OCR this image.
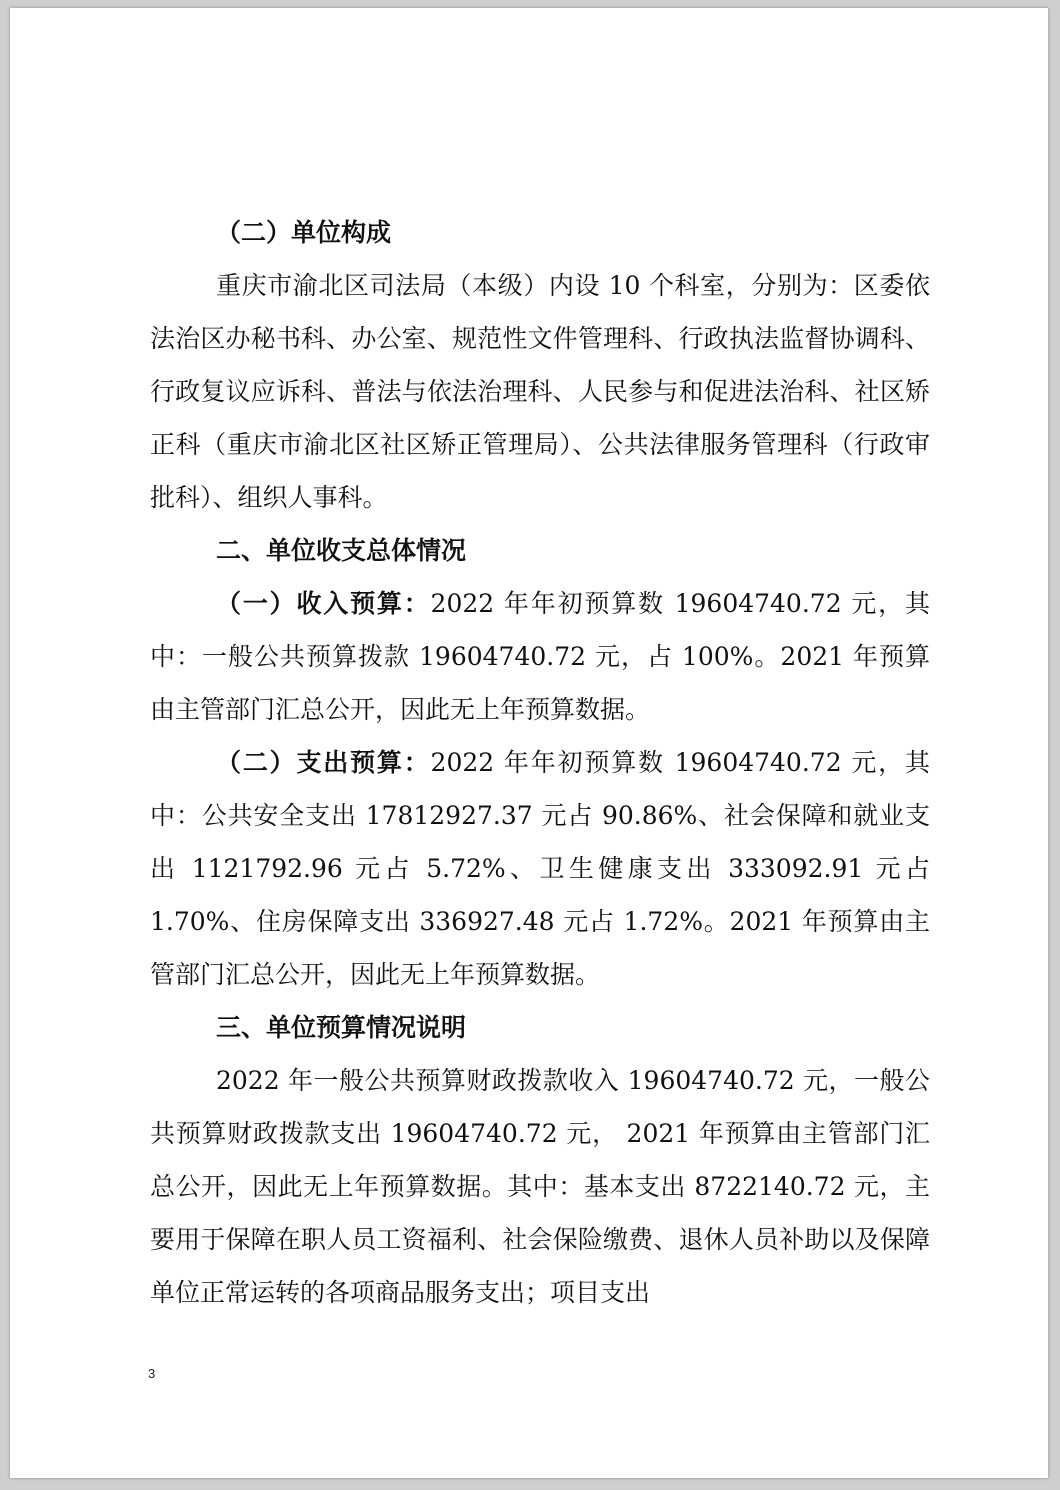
（二）单位构成

重庆市渝北区司法局（本级）内设 10 个科室，分别为：区委依法治区办秘书科、办公室、规范性文件管理科、行政执法监督协调科、行政复议应诉科、普法与依法治理科、人民参与和促进法治科、社区矫正科（重庆市渝北区社区矫正管理局）、公共法律服务管理科（行政审批科）、组织人事科。

二、单位收支总体情况

（一）收入预算：2022 年年初预算数 19604740.72 元，其中：一般公共预算拨款 19604740.72 元，占 100%。2021 年预算由主管部门汇总公开，因此无上年预算数据。

（二）支出预算：2022 年年初预算数 19604740.72 元，其中：公共安全支出 17812927.37 元占 90.86%、社会保障和就业支出 1121792.96 元占 5.72%、卫生健康支出 333092.91 元占 1.70%、住房保障支出 336927.48 元占 1.72%。2021 年预算由主管部门汇总公开，因此无上年预算数据。

三、单位预算情况说明

2022 年一般公共预算财政拨款收入 19604740.72 元，一般公共预算财政拨款支出 19604740.72 元， 2021 年预算由主管部门汇总公开，因此无上年预算数据。其中：基本支出 8722140.72 元，主要用于保障在职人员工资福利、社会保险缴费、退休人员补助以及保障单位正常运转的各项商品服务支出；项目支出

3
